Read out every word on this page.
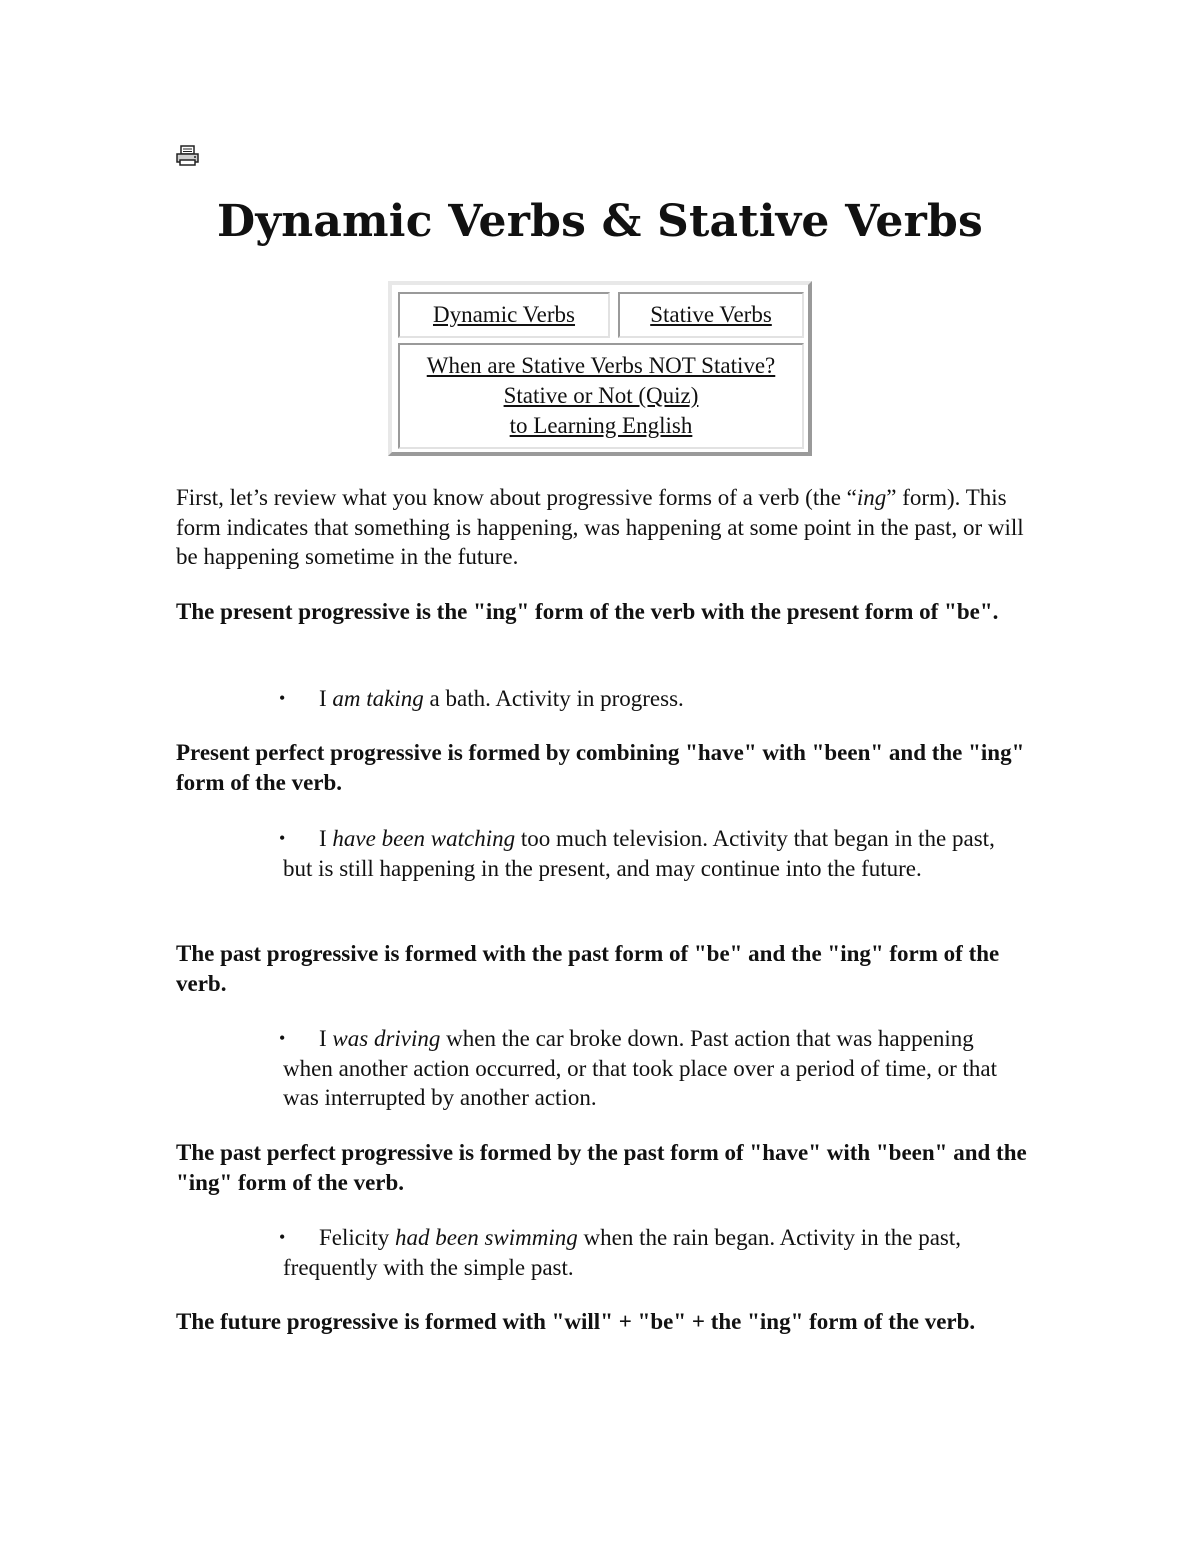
Dynamic Verbs & Stative Verbs
Dynamic Verbs	Stative Verbs
When are Stative Verbs NOT Stative?
Stative or Not (Quiz)
to Learning English

First, let’s review what you know about progressive forms of a verb (the “ing” form). This form indicates that something is happening, was happening at some point in the past, or will be happening sometime in the future.

The present progressive is the "ing" form of the verb with the present form of "be".

•	I am taking a bath. Activity in progress.

Present perfect progressive is formed by combining "have" with "been" and the "ing" form of the verb.

•	I have been watching too much television. Activity that began in the past, but is still happening in the present, and may continue into the future.

The past progressive is formed with the past form of "be" and the "ing" form of the verb.

•	I was driving when the car broke down. Past action that was happening when another action occurred, or that took place over a period of time, or that was interrupted by another action.

The past perfect progressive is formed by the past form of "have" with "been" and the "ing" form of the verb.

•	Felicity had been swimming when the rain began. Activity in the past, frequently with the simple past.

The future progressive is formed with "will" + "be" + the "ing" form of the verb.
